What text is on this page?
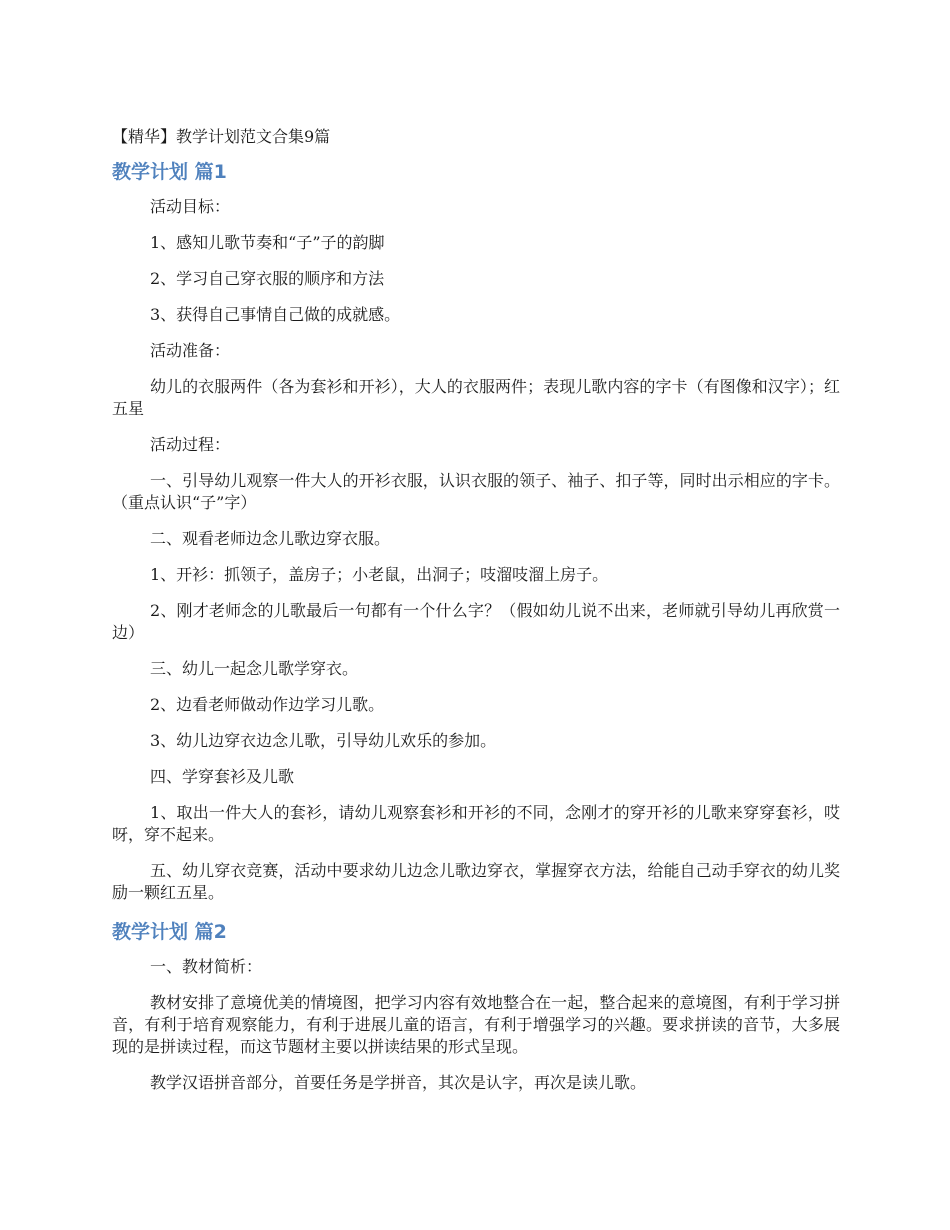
【精华】教学计划范文合集9篇
教学计划 篇1

活动目标：

1、感知儿歌节奏和“子”子的韵脚

2、学习自己穿衣服的顺序和方法

3、获得自己事情自己做的成就感。

活动准备：

幼儿的衣服两件（各为套衫和开衫），大人的衣服两件；表现儿歌内容的字卡（有图像和汉字）；红五星

活动过程：

一、引导幼儿观察一件大人的开衫衣服，认识衣服的领子、袖子、扣子等，同时出示相应的字卡。（重点认识“子”字）

二、观看老师边念儿歌边穿衣服。

1、开衫：抓领子，盖房子；小老鼠，出洞子；吱溜吱溜上房子。

2、刚才老师念的儿歌最后一句都有一个什么字？（假如幼儿说不出来，老师就引导幼儿再欣赏一边）

三、幼儿一起念儿歌学穿衣。

2、边看老师做动作边学习儿歌。

3、幼儿边穿衣边念儿歌，引导幼儿欢乐的参加。

四、学穿套衫及儿歌

1、取出一件大人的套衫，请幼儿观察套衫和开衫的不同，念刚才的穿开衫的儿歌来穿穿套衫，哎呀，穿不起来。

五、幼儿穿衣竞赛，活动中要求幼儿边念儿歌边穿衣，掌握穿衣方法，给能自己动手穿衣的幼儿奖励一颗红五星。

教学计划 篇2

一、教材简析：

教材安排了意境优美的情境图，把学习内容有效地整合在一起，整合起来的意境图，有利于学习拼音，有利于培育观察能力，有利于进展儿童的语言，有利于增强学习的兴趣。要求拼读的音节，大多展现的是拼读过程，而这节题材主要以拼读结果的形式呈现。

教学汉语拼音部分，首要任务是学拼音，其次是认字，再次是读儿歌。
